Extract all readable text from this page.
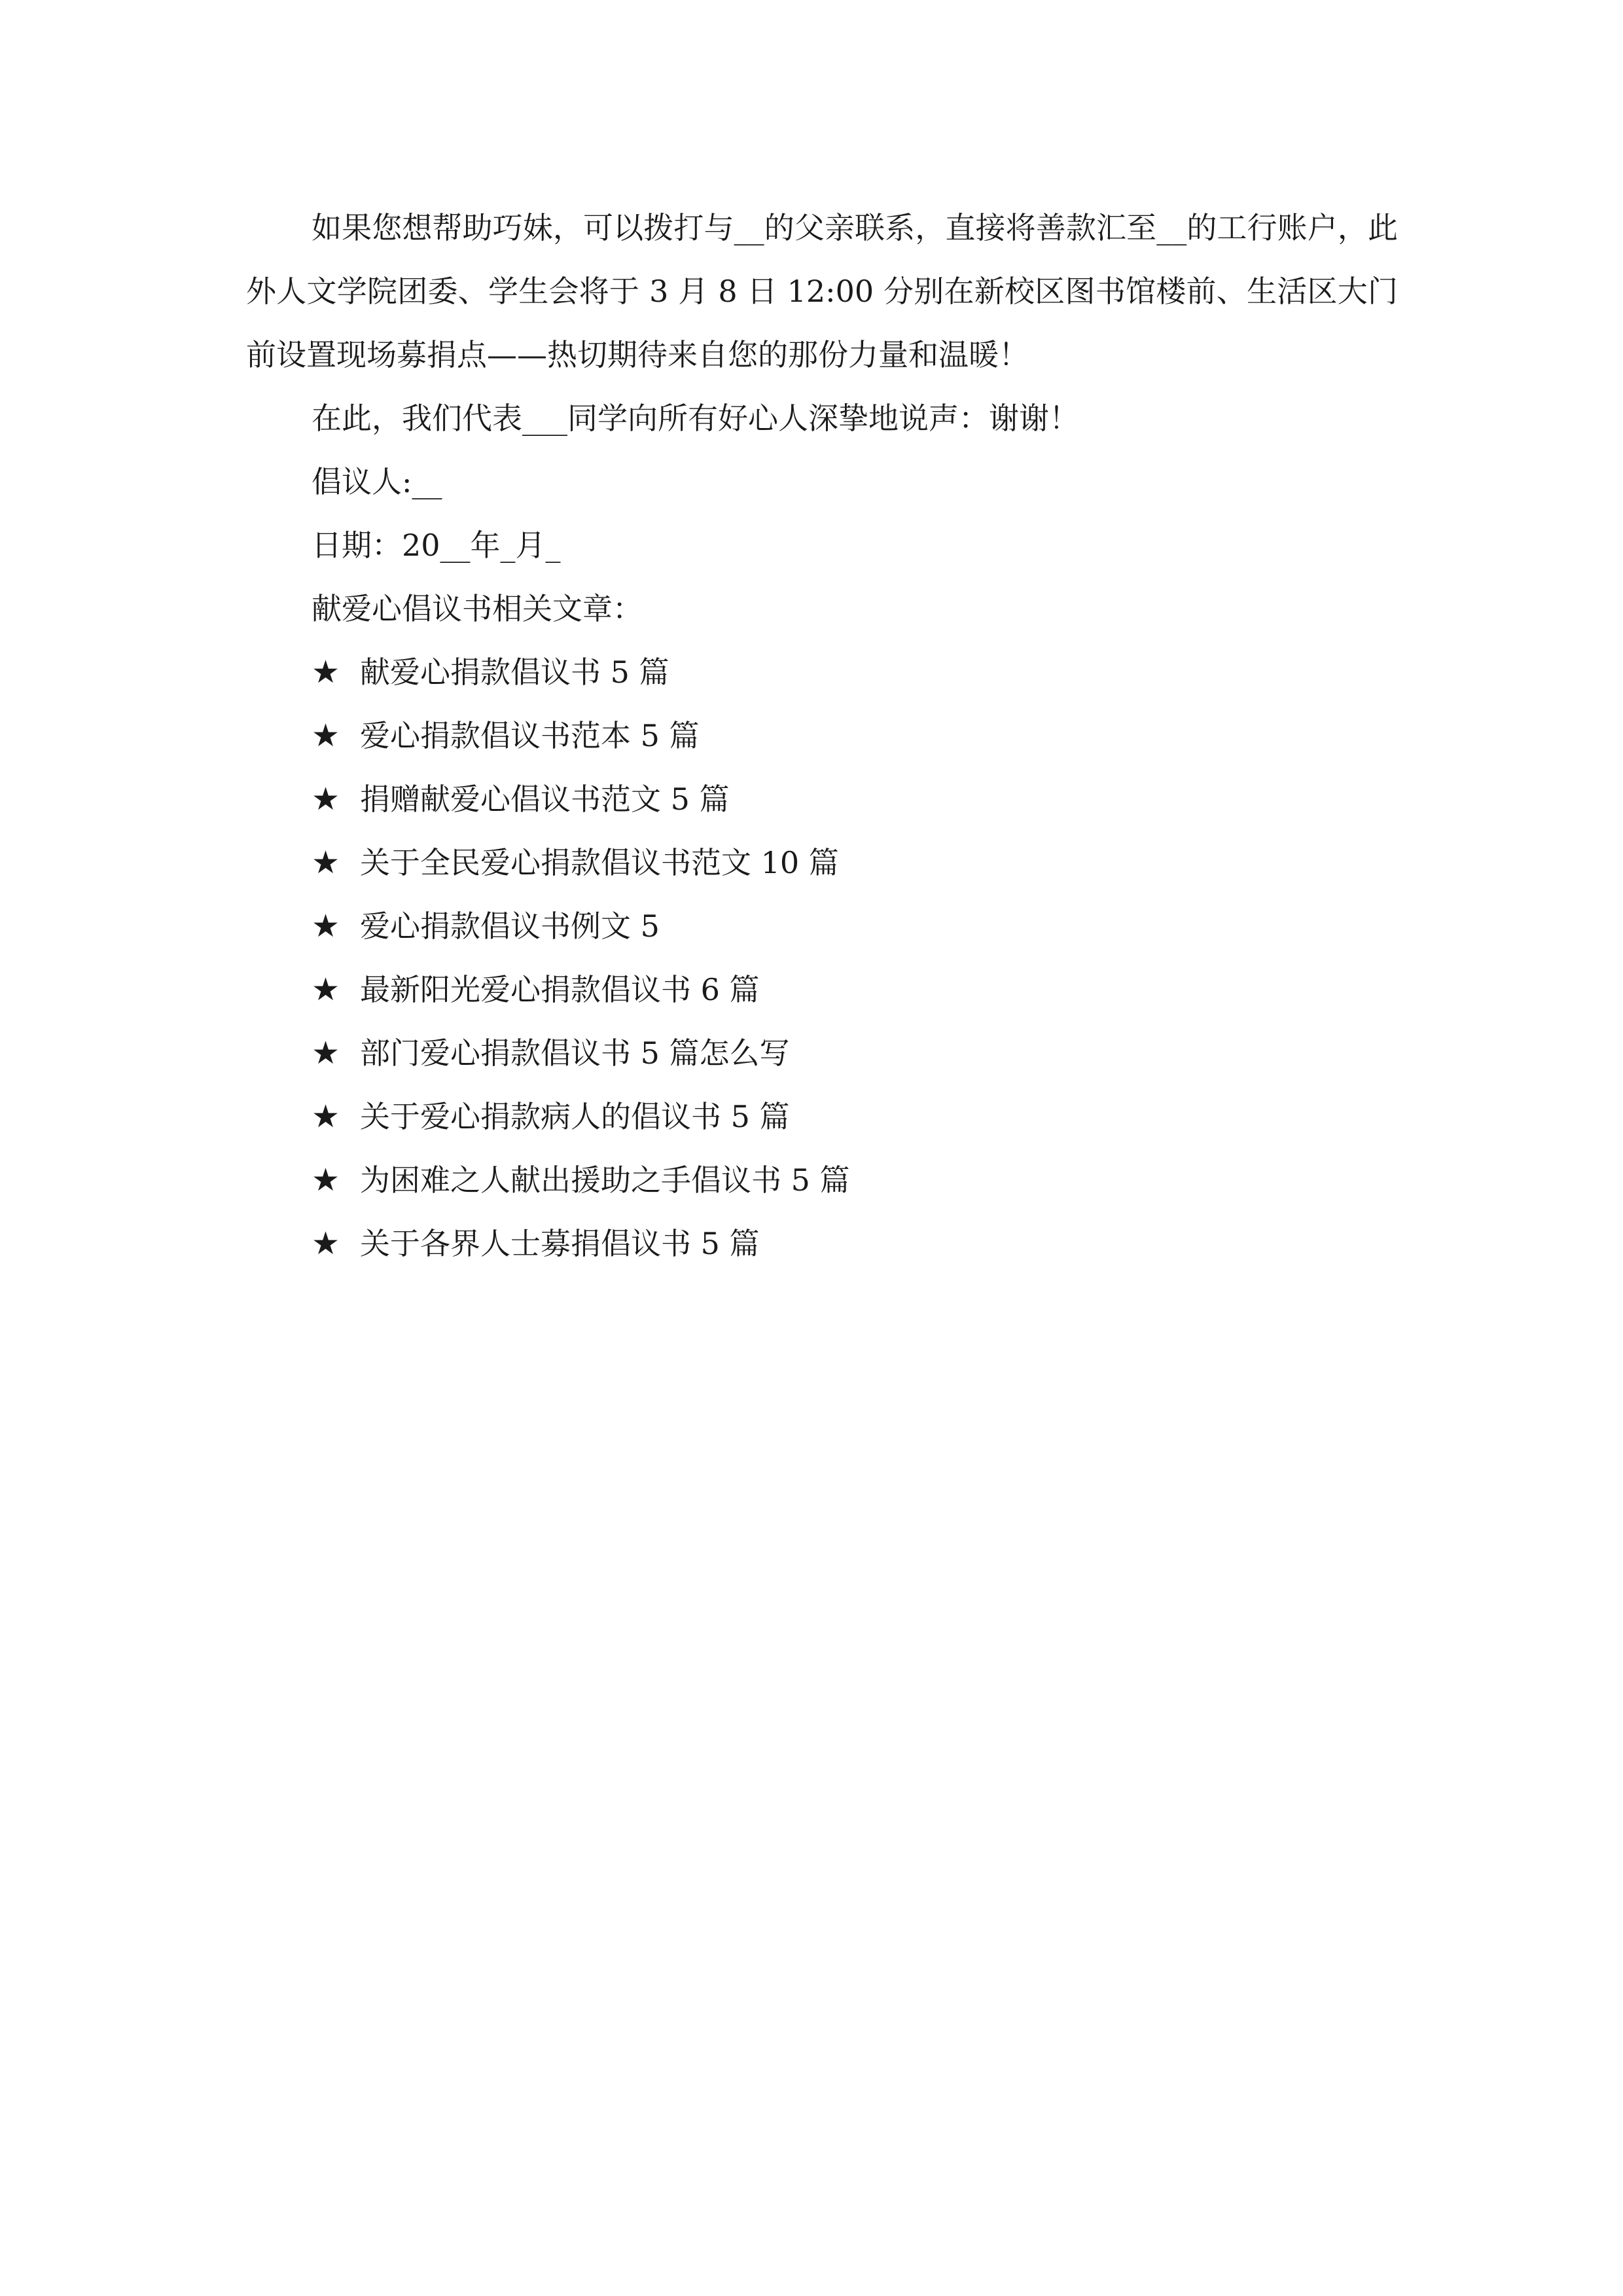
如果您想帮助巧妹，可以拨打与__的父亲联系，直接将善款汇至__的工行账户，此外人文学院团委、学生会将于 3 月 8 日 12:00 分别在新校区图书馆楼前、生活区大门前设置现场募捐点——热切期待来自您的那份力量和温暖！

在此，我们代表___同学向所有好心人深挚地说声：谢谢！

倡议人:__

日期：20__年_月_

献爱心倡议书相关文章：

★ 献爱心捐款倡议书 5 篇
★ 爱心捐款倡议书范本 5 篇
★ 捐赠献爱心倡议书范文 5 篇
★ 关于全民爱心捐款倡议书范文 10 篇
★ 爱心捐款倡议书例文 5
★ 最新阳光爱心捐款倡议书 6 篇
★ 部门爱心捐款倡议书 5 篇怎么写
★ 关于爱心捐款病人的倡议书 5 篇
★ 为困难之人献出援助之手倡议书 5 篇
★ 关于各界人士募捐倡议书 5 篇
